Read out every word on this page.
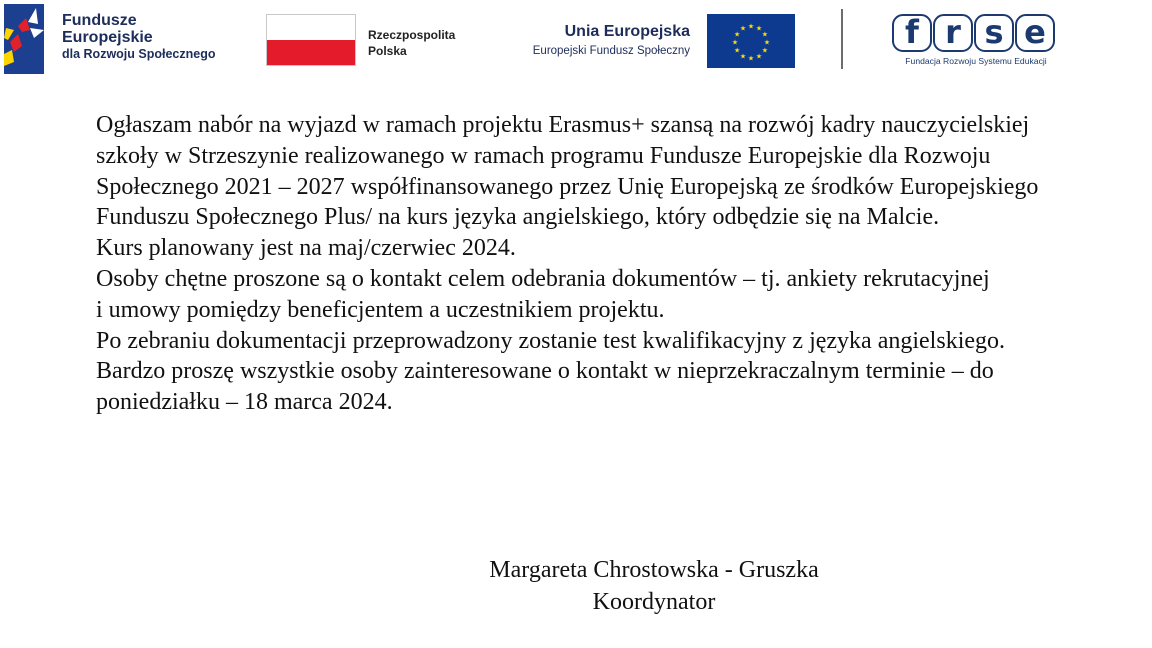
Fundusze
Europejskie
dla Rozwoju Społecznego
Rzeczpospolita
Polska
Unia Europejska
Europejski Fundusz Społeczny
★ ★
★
★
★
★
★
★
★
★
★
★	f r s e
Fundacja Rozwoju Systemu Edukacji

Ogłaszam nabór na wyjazd w ramach projektu Erasmus+ szansą na rozwój kadry nauczycielskiej szkoły w Strzeszynie realizowanego w ramach programu Fundusze Europejskie dla Rozwoju Społecznego 2021 – 2027 współfinansowanego przez Unię Europejską ze środków Europejskiego Funduszu Społecznego Plus/ na kurs języka angielskiego, który odbędzie się na Malcie.

Kurs planowany jest na maj/czerwiec 2024.

Osoby chętne proszone są o kontakt celem odebrania dokumentów – tj. ankiety rekrutacyjnej

i umowy pomiędzy beneficjentem a uczestnikiem projektu.

Po zebraniu dokumentacji przeprowadzony zostanie test kwalifikacyjny z języka angielskiego.

Bardzo proszę wszystkie osoby zainteresowane o kontakt w nieprzekraczalnym terminie – do poniedziałku – 18 marca 2024.

Margareta Chrostowska - Gruszka
Koordynator
